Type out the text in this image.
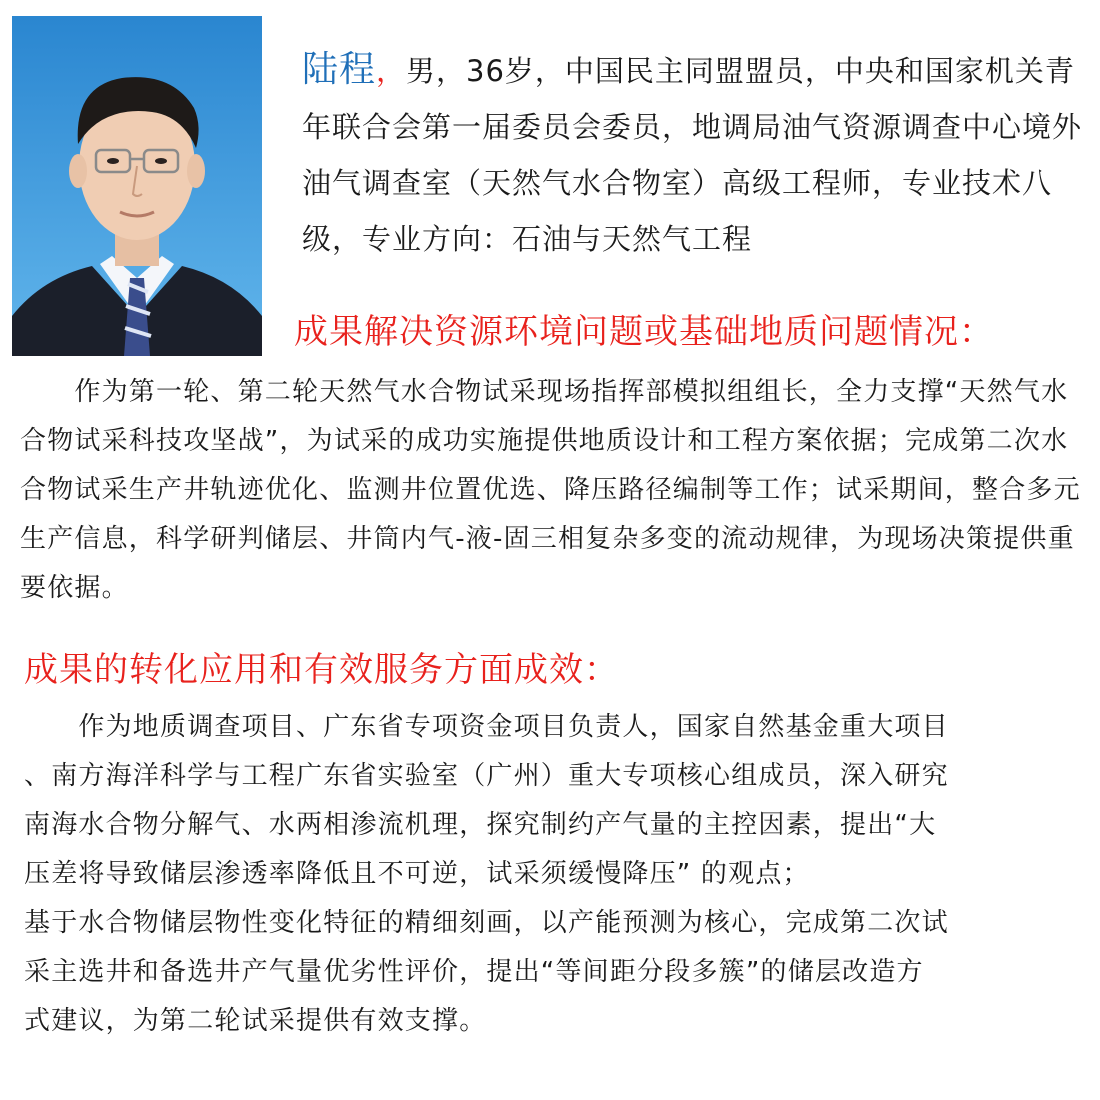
陆程，男，36岁，中国民主同盟盟员，中央和国家机关青年联合会第一届委员会委员，地调局油气资源调查中心境外油气调查室（天然气水合物室）高级工程师，专业技术八级，专业方向：石油与天然气工程
成果解决资源环境问题或基础地质问题情况：
　　作为第一轮、第二轮天然气水合物试采现场指挥部模拟组组长，全力支撑“天然气水合物试采科技攻坚战”，为试采的成功实施提供地质设计和工程方案依据；完成第二次水合物试采生产井轨迹优化、监测井位置优选、降压路径编制等工作；试采期间，整合多元生产信息，科学研判储层、井筒内气-液-固三相复杂多变的流动规律，为现场决策提供重要依据。
成果的转化应用和有效服务方面成效：
　　作为地质调查项目、广东省专项资金项目负责人，国家自然基金重大项目
、南方海洋科学与工程广东省实验室（广州）重大专项核心组成员，深入研究
南海水合物分解气、水两相渗流机理，探究制约产气量的主控因素，提出“大
压差将导致储层渗透率降低且不可逆，试采须缓慢降压” 的观点；
基于水合物储层物性变化特征的精细刻画，以产能预测为核心，完成第二次试
采主选井和备选井产气量优劣性评价，提出“等间距分段多簇”的储层改造方
式建议，为第二轮试采提供有效支撑。
